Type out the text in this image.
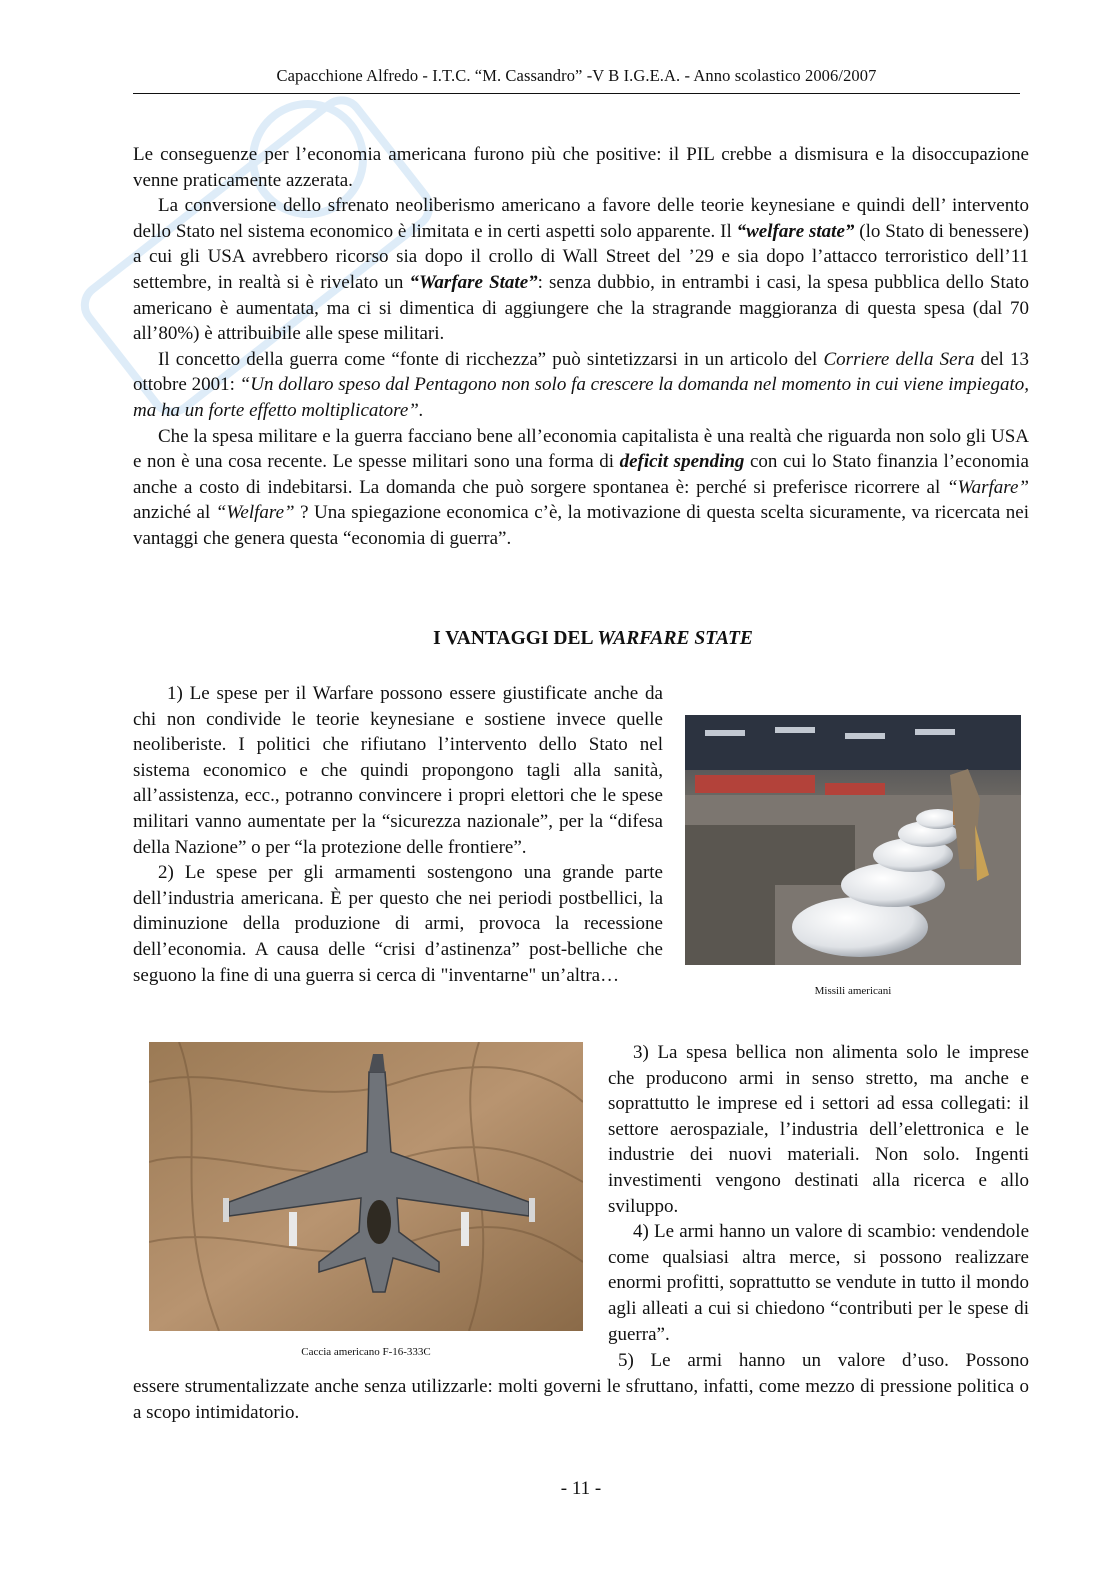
Capacchione Alfredo - I.T.C. “M. Cassandro” -V B I.G.E.A. - Anno scolastico 2006/2007

Le conseguenze per l’economia americana furono più che positive: il PIL crebbe a dismisura e la disoccupazione venne praticamente azzerata.

La conversione dello sfrenato neoliberismo americano a favore delle teorie keynesiane e quindi dell’ intervento dello Stato nel sistema economico è limitata e in certi aspetti solo apparente. Il “welfare state” (lo Stato di benessere) a cui gli USA avrebbero ricorso sia dopo il crollo di Wall Street del ’29 e sia dopo l’attacco terroristico dell’11 settembre, in realtà si è rivelato un “Warfare State”: senza dubbio, in entrambi i casi, la spesa pubblica dello Stato americano è aumentata, ma ci si dimentica di aggiungere che la stragrande maggioranza di questa spesa (dal 70 all’80%) è attribuibile alle spese militari.

Il concetto della guerra come “fonte di ricchezza” può sintetizzarsi in un articolo del Corriere della Sera del 13 ottobre 2001: “Un dollaro speso dal Pentagono non solo fa crescere la domanda nel momento in cui viene impiegato, ma ha un forte effetto moltiplicatore”.

Che la spesa militare e la guerra facciano bene all’economia capitalista è una realtà che riguarda non solo gli USA e non è una cosa recente. Le spesse militari sono una forma di deficit spending con cui lo Stato finanzia l’economia anche a costo di indebitarsi. La domanda che può sorgere spontanea è: perché si preferisce ricorrere al “Warfare” anziché al “Welfare” ? Una spiegazione economica c’è, la motivazione di questa scelta sicuramente, va ricercata nei vantaggi che genera questa “economia di guerra”.

I VANTAGGI DEL WARFARE STATE

1) Le spese per il Warfare possono essere giustificate anche da chi non condivide le teorie keynesiane e sostiene invece quelle neoliberiste. I politici che rifiutano l’intervento dello Stato nel sistema economico e che quindi propongono tagli alla sanità, all’assistenza, ecc., potranno convincere i propri elettori che le spese militari vanno aumentate per la “sicurezza nazionale”, per la “difesa della Nazione” o per “la protezione delle frontiere”.

2) Le spese per gli armamenti sostengono una grande parte dell’industria americana. È per questo che nei periodi postbellici, la diminuzione della produzione di armi, provoca la recessione dell’economia. A causa delle “crisi d’astinenza” post-belliche che seguono la fine di una guerra si cerca di "inventarne" un’altra…

Missili americani
Caccia americano F-16-333C

3) La spesa bellica non alimenta solo le imprese che producono armi in senso stretto, ma anche e soprattutto le imprese ed i settori ad essa collegati: il settore aerospaziale, l’industria dell’elettronica e le industrie dei nuovi materiali. Non solo. Ingenti investimenti vengono destinati alla ricerca e allo sviluppo.

4) Le armi hanno un valore di scambio: vendendole come qualsiasi altra merce, si possono realizzare enormi profitti, soprattutto se vendute in tutto il mondo agli alleati a cui si chiedono “contributi per le spese di guerra”.

5) Le armi hanno un valore d’uso. Possono

essere strumentalizzate anche senza utilizzarle: molti governi le sfruttano, infatti, come mezzo di pressione politica o a scopo intimidatorio.

- 11 -
